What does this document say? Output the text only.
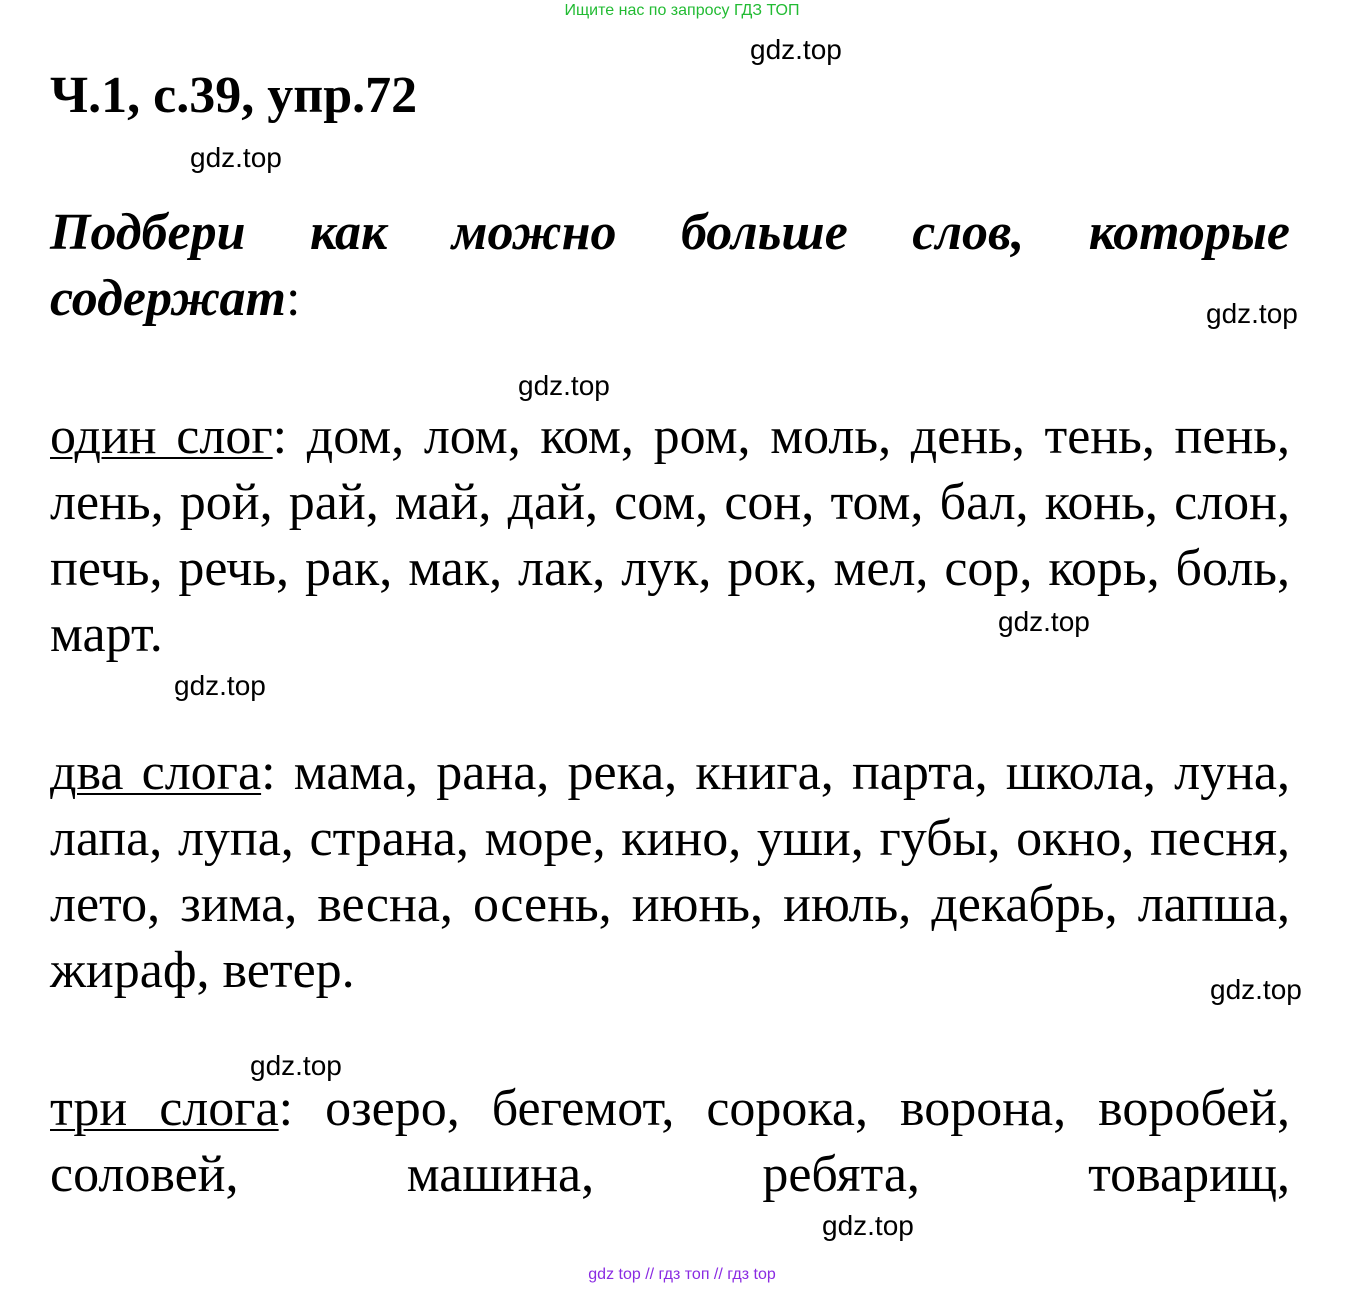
Ищите нас по запросу ГДЗ ТОП
gdz.top
Ч.1, с.39, упр.72
gdz.top

Подбери как можно больше слов, которые содержат:	gdz.top
gdz.top

один слог: дом, лом, ком, ром, моль, день, тень, пень, лень, рой, рай, май, дай, сом, сон, том, бал, конь, слон, печь, речь, рак, мак, лак, лук, рок, мел, сор, корь, боль, март.	gdz.top
gdz.top

два слога: мама, рана, река, книга, парта, школа, луна, лапа, лупа, страна, море, кино, уши, губы, окно, песня, лето, зима, весна, осень, июнь, июль, декабрь, лапша, жираф, ветер.	gdz.top
gdz.top

три слога: озеро, бегемот, сорока, ворона, воробей, соловей, машина, ребята, товарищ,

gdz.top
gdz top // гдз топ // гдз top
